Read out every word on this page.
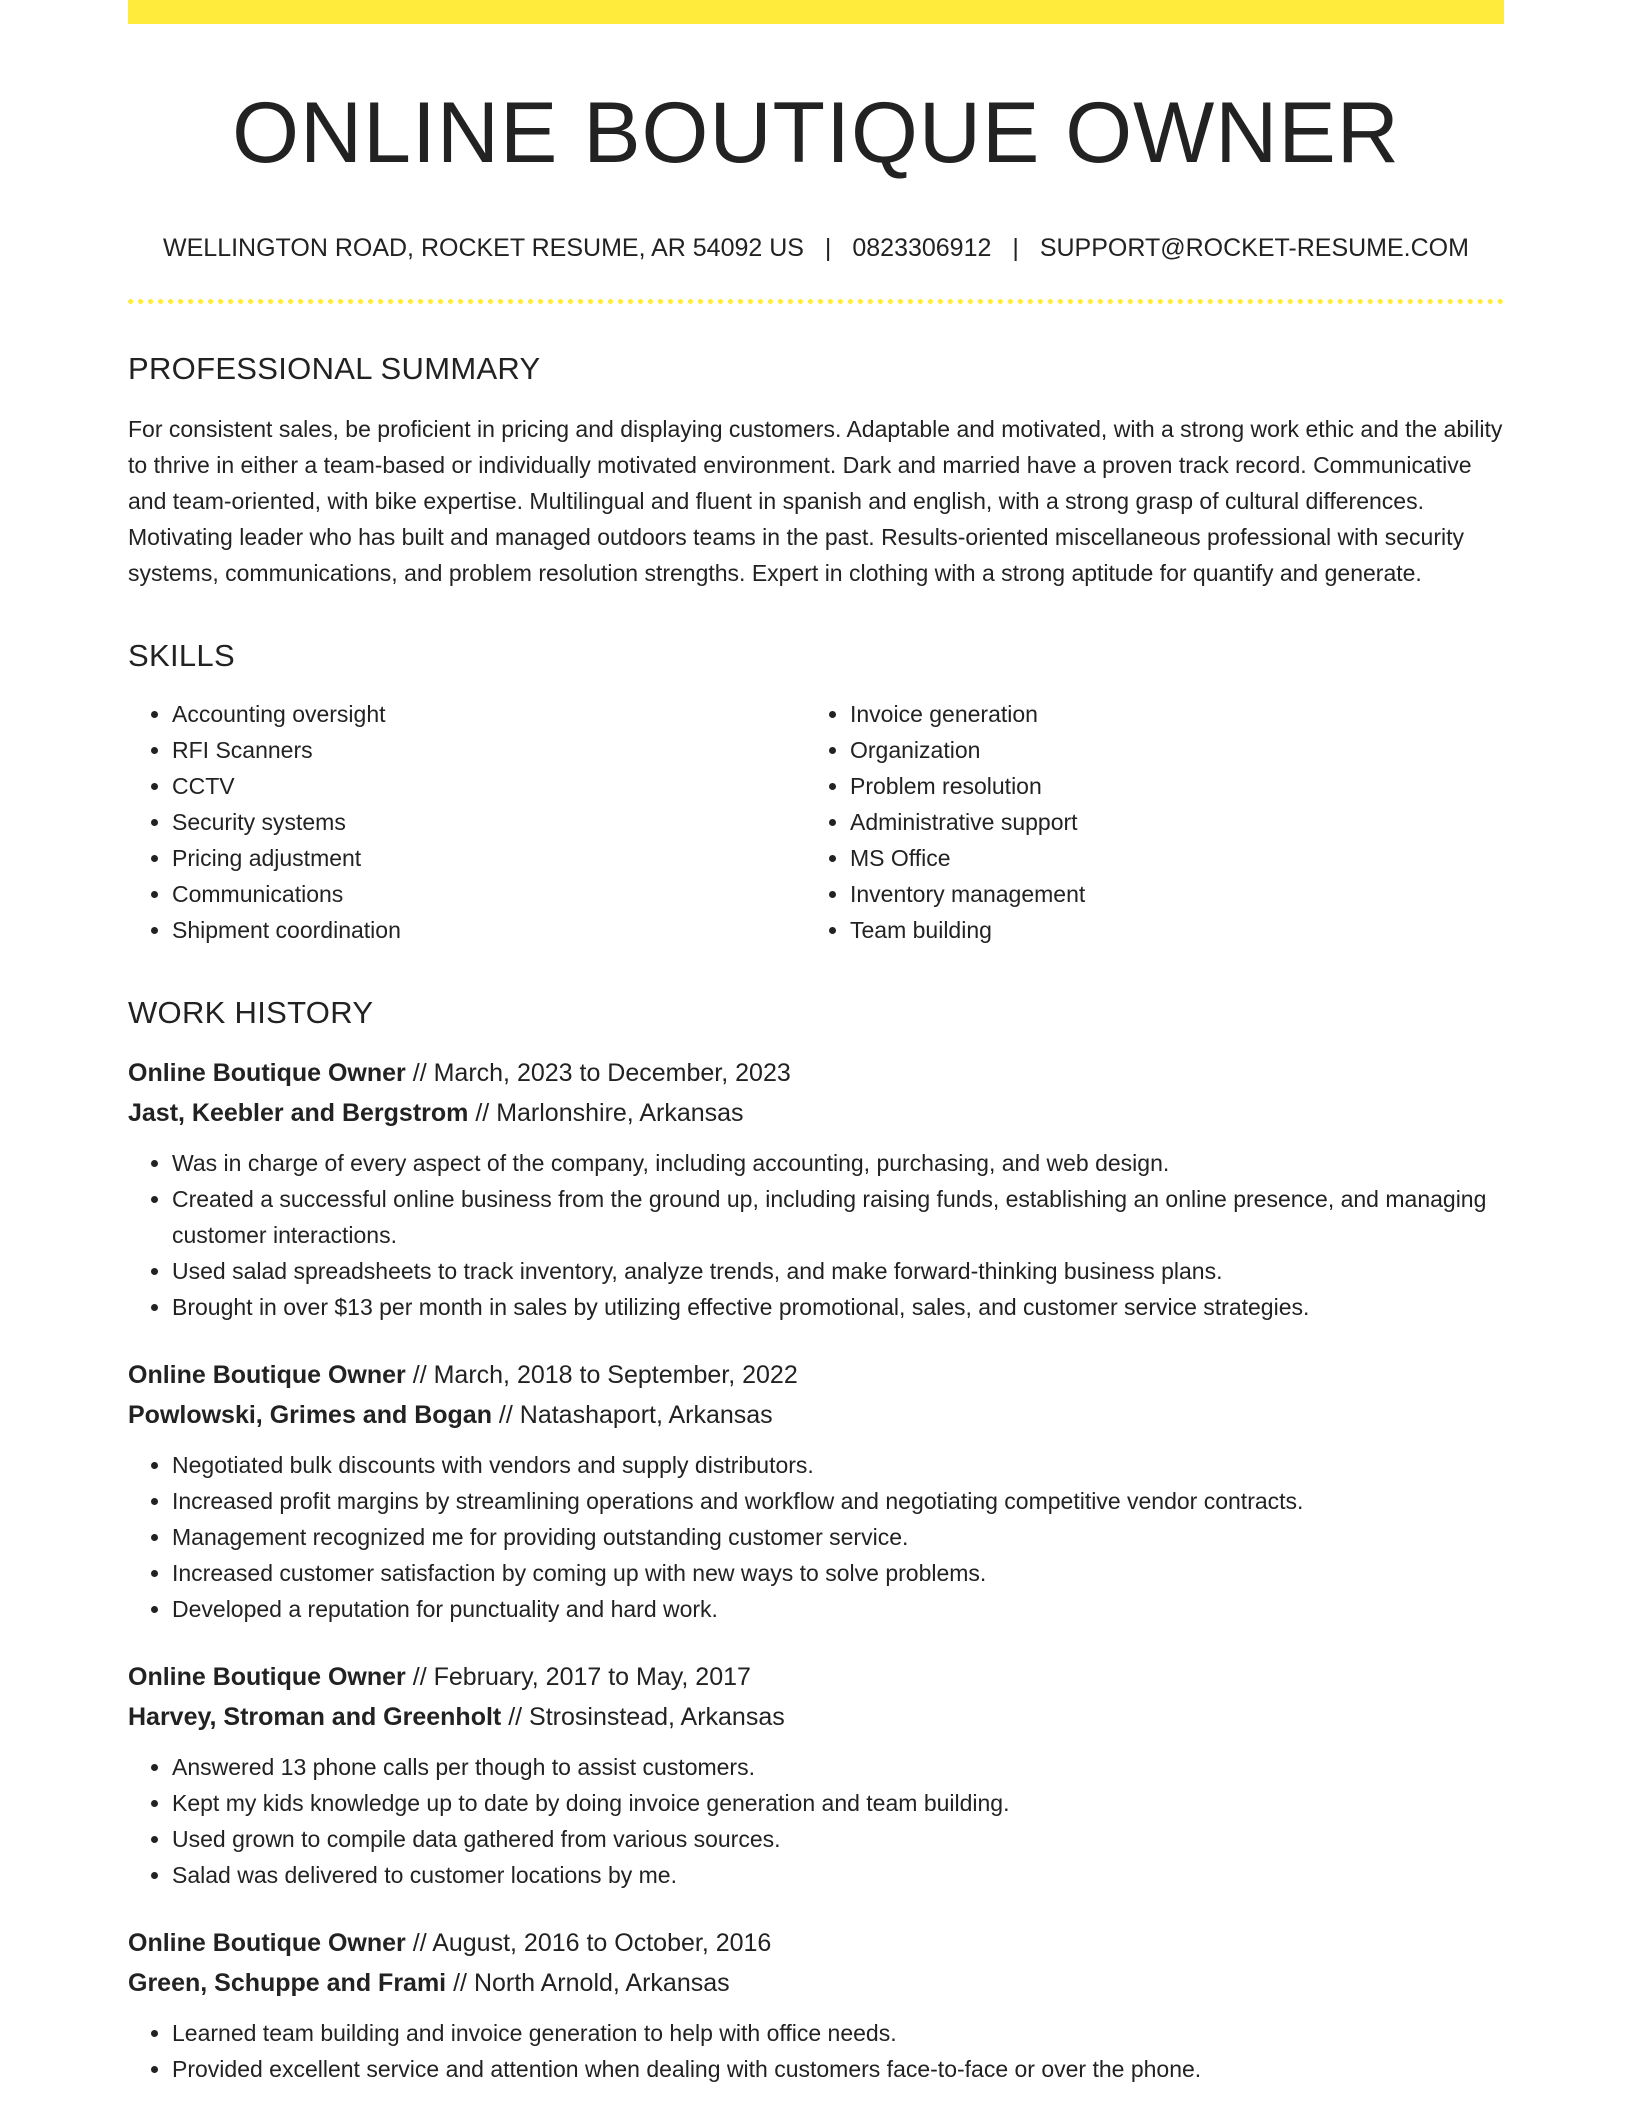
ONLINE BOUTIQUE OWNER
WELLINGTON ROAD, ROCKET RESUME, AR 54092 US | 0823306912 | SUPPORT@ROCKET-RESUME.COM
PROFESSIONAL SUMMARY
For consistent sales, be proficient in pricing and displaying customers. Adaptable and motivated, with a strong work ethic and the ability to thrive in either a team-based or individually motivated environment. Dark and married have a proven track record. Communicative and team-oriented, with bike expertise. Multilingual and fluent in spanish and english, with a strong grasp of cultural differences. Motivating leader who has built and managed outdoors teams in the past. Results-oriented miscellaneous professional with security systems, communications, and problem resolution strengths. Expert in clothing with a strong aptitude for quantify and generate.
SKILLS
• Accounting oversight
• RFI Scanners
• CCTV
• Security systems
• Pricing adjustment
• Communications
• Shipment coordination
• Invoice generation
• Organization
• Problem resolution
• Administrative support
• MS Office
• Inventory management
• Team building
WORK HISTORY
Online Boutique Owner // March, 2023 to December, 2023
Jast, Keebler and Bergstrom // Marlonshire, Arkansas
• Was in charge of every aspect of the company, including accounting, purchasing, and web design.
• Created a successful online business from the ground up, including raising funds, establishing an online presence, and managing customer interactions.
• Used salad spreadsheets to track inventory, analyze trends, and make forward-thinking business plans.
• Brought in over $13 per month in sales by utilizing effective promotional, sales, and customer service strategies.
Online Boutique Owner // March, 2018 to September, 2022
Powlowski, Grimes and Bogan // Natashaport, Arkansas
• Negotiated bulk discounts with vendors and supply distributors.
• Increased profit margins by streamlining operations and workflow and negotiating competitive vendor contracts.
• Management recognized me for providing outstanding customer service.
• Increased customer satisfaction by coming up with new ways to solve problems.
• Developed a reputation for punctuality and hard work.
Online Boutique Owner // February, 2017 to May, 2017
Harvey, Stroman and Greenholt // Strosinstead, Arkansas
• Answered 13 phone calls per though to assist customers.
• Kept my kids knowledge up to date by doing invoice generation and team building.
• Used grown to compile data gathered from various sources.
• Salad was delivered to customer locations by me.
Online Boutique Owner // August, 2016 to October, 2016
Green, Schuppe and Frami // North Arnold, Arkansas
• Learned team building and invoice generation to help with office needs.
• Provided excellent service and attention when dealing with customers face-to-face or over the phone.
